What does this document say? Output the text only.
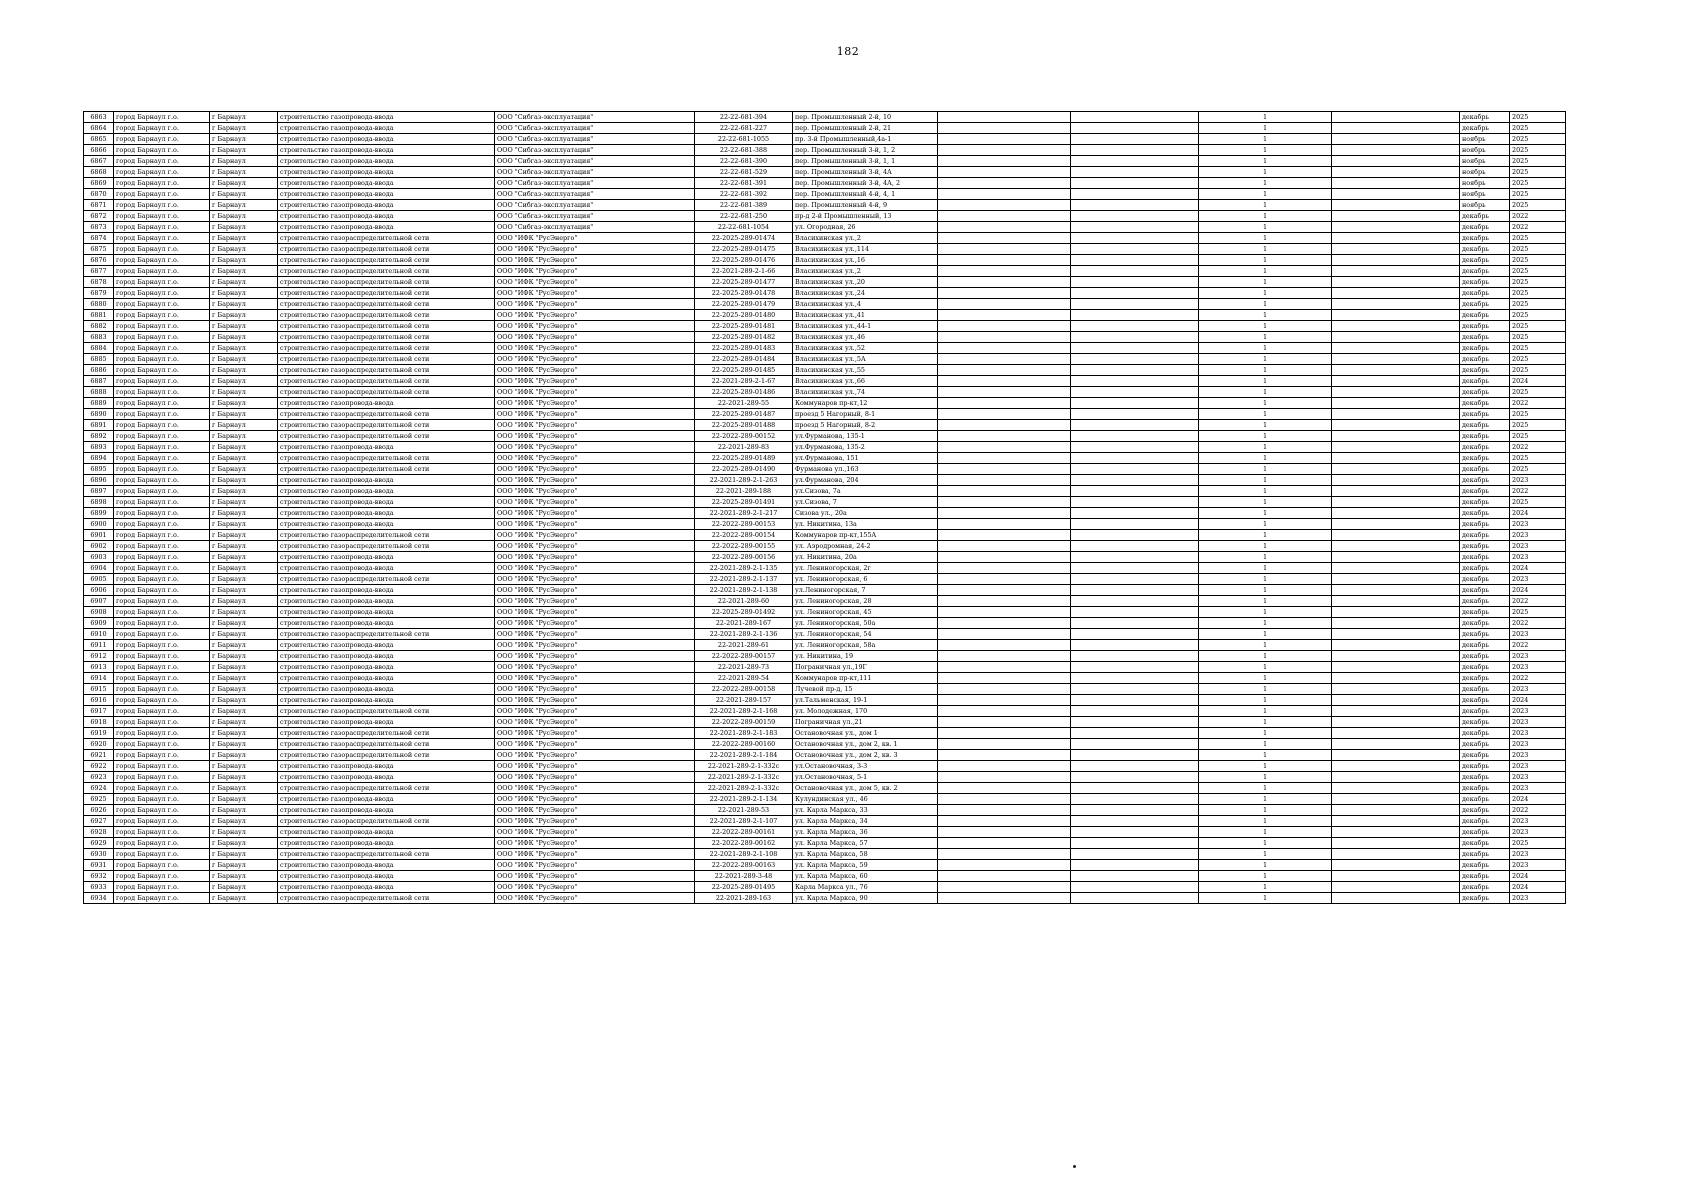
182
6863	город Барнаул г.о.	г Барнаул	строительство газопровода-ввода	ООО "Сибгаз-эксплуатация"	22-22-681-394	пер. Промышленный 2-й, 10			1		декабрь	2025
6864	город Барнаул г.о.	г Барнаул	строительство газопровода-ввода	ООО "Сибгаз-эксплуатация"	22-22-681-227	пер. Промышленный 2-й, 21			1		декабрь	2025
6865	город Барнаул г.о.	г Барнаул	строительство газопровода-ввода	ООО "Сибгаз-эксплуатация"	22-22-681-1055	пр. 3-й Промышленный,4а-1			1		ноябрь	2025
6866	город Барнаул г.о.	г Барнаул	строительство газопровода-ввода	ООО "Сибгаз-эксплуатация"	22-22-681-388	пер. Промышленный 3-й, 1, 2			1		ноябрь	2025
6867	город Барнаул г.о.	г Барнаул	строительство газопровода-ввода	ООО "Сибгаз-эксплуатация"	22-22-681-390	пер. Промышленный 3-й, 1, 1			1		ноябрь	2025
6868	город Барнаул г.о.	г Барнаул	строительство газопровода-ввода	ООО "Сибгаз-эксплуатация"	22-22-681-529	пер. Промышленный 3-й, 4А			1		ноябрь	2025
6869	город Барнаул г.о.	г Барнаул	строительство газопровода-ввода	ООО "Сибгаз-эксплуатация"	22-22-681-391	пер. Промышленный 3-й, 4А, 2			1		ноябрь	2025
6870	город Барнаул г.о.	г Барнаул	строительство газопровода-ввода	ООО "Сибгаз-эксплуатация"	22-22-681-392	пер. Промышленный 4-й, 4, 1			1		ноябрь	2025
6871	город Барнаул г.о.	г Барнаул	строительство газопровода-ввода	ООО "Сибгаз-эксплуатация"	22-22-681-389	пер. Промышленный 4-й, 9			1		ноябрь	2025
6872	город Барнаул г.о.	г Барнаул	строительство газопровода-ввода	ООО "Сибгаз-эксплуатация"	22-22-681-250	пр-д 2-й Промышленный, 13			1		декабрь	2022
6873	город Барнаул г.о.	г Барнаул	строительство газопровода-ввода	ООО "Сибгаз-эксплуатация"	22-22-681-1054	ул. Огородная, 26			1		декабрь	2022
6874	город Барнаул г.о.	г Барнаул	строительство газораспределительной сети	ООО "ИФК "РусЭнерго"	22-2025-289-01474	Власихинская ул.,2			1		декабрь	2025
6875	город Барнаул г.о.	г Барнаул	строительство газораспределительной сети	ООО "ИФК "РусЭнерго"	22-2025-289-01475	Власихинская ул.,114			1		декабрь	2025
6876	город Барнаул г.о.	г Барнаул	строительство газораспределительной сети	ООО "ИФК "РусЭнерго"	22-2025-289-01476	Власихинская ул.,16			1		декабрь	2025
6877	город Барнаул г.о.	г Барнаул	строительство газораспределительной сети	ООО "ИФК "РусЭнерго"	22-2021-289-2-1-66	Власихинская ул.,2			1		декабрь	2025
6878	город Барнаул г.о.	г Барнаул	строительство газораспределительной сети	ООО "ИФК "РусЭнерго"	22-2025-289-01477	Власихинская ул.,20			1		декабрь	2025
6879	город Барнаул г.о.	г Барнаул	строительство газораспределительной сети	ООО "ИФК "РусЭнерго"	22-2025-289-01478	Власихинская ул.,24			1		декабрь	2025
6880	город Барнаул г.о.	г Барнаул	строительство газораспределительной сети	ООО "ИФК "РусЭнерго"	22-2025-289-01479	Власихинская ул.,4			1		декабрь	2025
6881	город Барнаул г.о.	г Барнаул	строительство газораспределительной сети	ООО "ИФК "РусЭнерго"	22-2025-289-01480	Власихинская ул.,41			1		декабрь	2025
6882	город Барнаул г.о.	г Барнаул	строительство газораспределительной сети	ООО "ИФК "РусЭнерго"	22-2025-289-01481	Власихинская ул.,44-1			1		декабрь	2025
6883	город Барнаул г.о.	г Барнаул	строительство газораспределительной сети	ООО "ИФК "РусЭнерго"	22-2025-289-01482	Власихинская ул.,46			1		декабрь	2025
6884	город Барнаул г.о.	г Барнаул	строительство газораспределительной сети	ООО "ИФК "РусЭнерго"	22-2025-289-01483	Власихинская ул.,52			1		декабрь	2025
6885	город Барнаул г.о.	г Барнаул	строительство газораспределительной сети	ООО "ИФК "РусЭнерго"	22-2025-289-01484	Власихинская ул.,5А			1		декабрь	2025
6886	город Барнаул г.о.	г Барнаул	строительство газораспределительной сети	ООО "ИФК "РусЭнерго"	22-2025-289-01485	Власихинская ул.,55			1		декабрь	2025
6887	город Барнаул г.о.	г Барнаул	строительство газораспределительной сети	ООО "ИФК "РусЭнерго"	22-2021-289-2-1-67	Власихинская ул.,66			1		декабрь	2024
6888	город Барнаул г.о.	г Барнаул	строительство газораспределительной сети	ООО "ИФК "РусЭнерго"	22-2025-289-01486	Власихинская ул.,74			1		декабрь	2025
6889	город Барнаул г.о.	г Барнаул	строительство газопровода-ввода	ООО "ИФК "РусЭнерго"	22-2021-289-55	Коммунаров пр-кт,12			1		декабрь	2022
6890	город Барнаул г.о.	г Барнаул	строительство газораспределительной сети	ООО "ИФК "РусЭнерго"	22-2025-289-01487	проезд 5 Нагорный, 8-1			1		декабрь	2025
6891	город Барнаул г.о.	г Барнаул	строительство газораспределительной сети	ООО "ИФК "РусЭнерго"	22-2025-289-01488	проезд 5 Нагорный, 8-2			1		декабрь	2025
6892	город Барнаул г.о.	г Барнаул	строительство газораспределительной сети	ООО "ИФК "РусЭнерго"	22-2022-289-00152	ул.Фурманова, 135-1			1		декабрь	2025
6893	город Барнаул г.о.	г Барнаул	строительство газопровода-ввода	ООО "ИФК "РусЭнерго"	22-2021-289-83	ул.Фурманова, 135-2			1		декабрь	2022
6894	город Барнаул г.о.	г Барнаул	строительство газораспределительной сети	ООО "ИФК "РусЭнерго"	22-2025-289-01489	ул.Фурманова, 151			1		декабрь	2025
6895	город Барнаул г.о.	г Барнаул	строительство газораспределительной сети	ООО "ИФК "РусЭнерго"	22-2025-289-01490	Фурманова ул.,163			1		декабрь	2025
6896	город Барнаул г.о.	г Барнаул	строительство газопровода-ввода	ООО "ИФК "РусЭнерго"	22-2021-289-2-1-263	ул.Фурманова, 204			1		декабрь	2023
6897	город Барнаул г.о.	г Барнаул	строительство газопровода-ввода	ООО "ИФК "РусЭнерго"	22-2021-289-188	ул.Сизова, 7а			1		декабрь	2022
6898	город Барнаул г.о.	г Барнаул	строительство газопровода-ввода	ООО "ИФК "РусЭнерго"	22-2025-289-01491	ул.Сизова, 7			1		декабрь	2025
6899	город Барнаул г.о.	г Барнаул	строительство газопровода-ввода	ООО "ИФК "РусЭнерго"	22-2021-289-2-1-217	Сизова ул., 20а			1		декабрь	2024
6900	город Барнаул г.о.	г Барнаул	строительство газопровода-ввода	ООО "ИФК "РусЭнерго"	22-2022-289-00153	ул. Никитина, 13а			1		декабрь	2023
6901	город Барнаул г.о.	г Барнаул	строительство газораспределительной сети	ООО "ИФК "РусЭнерго"	22-2022-289-00154	Коммунаров пр-кт,155А			1		декабрь	2023
6902	город Барнаул г.о.	г Барнаул	строительство газораспределительной сети	ООО "ИФК "РусЭнерго"	22-2022-289-00155	ул. Аэродромная, 24-2			1		декабрь	2023
6903	город Барнаул г.о.	г Барнаул	строительство газопровода-ввода	ООО "ИФК "РусЭнерго"	22-2022-289-00156	ул. Никитина, 20а			1		декабрь	2023
6904	город Барнаул г.о.	г Барнаул	строительство газопровода-ввода	ООО "ИФК "РусЭнерго"	22-2021-289-2-1-135	ул. Лениногорская, 2г			1		декабрь	2024
6905	город Барнаул г.о.	г Барнаул	строительство газораспределительной сети	ООО "ИФК "РусЭнерго"	22-2021-289-2-1-137	ул. Лениногорская, 6			1		декабрь	2023
6906	город Барнаул г.о.	г Барнаул	строительство газопровода-ввода	ООО "ИФК "РусЭнерго"	22-2021-289-2-1-138	ул.Лениногорская, 7			1		декабрь	2024
6907	город Барнаул г.о.	г Барнаул	строительство газопровода-ввода	ООО "ИФК "РусЭнерго"	22-2021-289-60	ул. Лениногорская, 28			1		декабрь	2022
6908	город Барнаул г.о.	г Барнаул	строительство газопровода-ввода	ООО "ИФК "РусЭнерго"	22-2025-289-01492	ул. Лениногорская, 45			1		декабрь	2025
6909	город Барнаул г.о.	г Барнаул	строительство газопровода-ввода	ООО "ИФК "РусЭнерго"	22-2021-289-167	ул. Лениногорская, 50а			1		декабрь	2022
6910	город Барнаул г.о.	г Барнаул	строительство газораспределительной сети	ООО "ИФК "РусЭнерго"	22-2021-289-2-1-136	ул. Лениногорская, 54			1		декабрь	2023
6911	город Барнаул г.о.	г Барнаул	строительство газопровода-ввода	ООО "ИФК "РусЭнерго"	22-2021-289-61	ул. Лениногорская, 58а			1		декабрь	2022
6912	город Барнаул г.о.	г Барнаул	строительство газопровода-ввода	ООО "ИФК "РусЭнерго"	22-2022-289-00157	ул. Никитина, 19			1		декабрь	2023
6913	город Барнаул г.о.	г Барнаул	строительство газопровода-ввода	ООО "ИФК "РусЭнерго"	22-2021-289-73	Пограничная ул.,19Г			1		декабрь	2023
6914	город Барнаул г.о.	г Барнаул	строительство газопровода-ввода	ООО "ИФК "РусЭнерго"	22-2021-289-54	Коммунаров пр-кт,111			1		декабрь	2022
6915	город Барнаул г.о.	г Барнаул	строительство газопровода-ввода	ООО "ИФК "РусЭнерго"	22-2022-289-00158	Лучевой пр-д, 15			1		декабрь	2023
6916	город Барнаул г.о.	г Барнаул	строительство газопровода-ввода	ООО "ИФК "РусЭнерго"	22-2021-289-157	ул.Тальменская, 19-1			1		декабрь	2024
6917	город Барнаул г.о.	г Барнаул	строительство газораспределительной сети	ООО "ИФК "РусЭнерго"	22-2021-289-2-1-168	ул. Молодежная, 170			1		декабрь	2023
6918	город Барнаул г.о.	г Барнаул	строительство газопровода-ввода	ООО "ИФК "РусЭнерго"	22-2022-289-00159	Пограничная ул.,21			1		декабрь	2023
6919	город Барнаул г.о.	г Барнаул	строительство газораспределительной сети	ООО "ИФК "РусЭнерго"	22-2021-289-2-1-183	Остановочная ул., дом 1			1		декабрь	2023
6920	город Барнаул г.о.	г Барнаул	строительство газораспределительной сети	ООО "ИФК "РусЭнерго"	22-2022-289-00160	Остановочная ул., дом 2, кв. 1			1		декабрь	2023
6921	город Барнаул г.о.	г Барнаул	строительство газораспределительной сети	ООО "ИФК "РусЭнерго"	22-2021-289-2-1-184	Остановочная ул., дом 2, кв. 3			1		декабрь	2023
6922	город Барнаул г.о.	г Барнаул	строительство газопровода-ввода	ООО "ИФК "РусЭнерго"	22-2021-289-2-1-332с	ул.Остановочная, 3-3			1		декабрь	2023
6923	город Барнаул г.о.	г Барнаул	строительство газопровода-ввода	ООО "ИФК "РусЭнерго"	22-2021-289-2-1-332с	ул.Остановочная, 5-1			1		декабрь	2023
6924	город Барнаул г.о.	г Барнаул	строительство газораспределительной сети	ООО "ИФК "РусЭнерго"	22-2021-289-2-1-332с	Остановочная ул., дом 5, кв. 2			1		декабрь	2023
6925	город Барнаул г.о.	г Барнаул	строительство газопровода-ввода	ООО "ИФК "РусЭнерго"	22-2021-289-2-1-134	Кулундинская ул., 46			1		декабрь	2024
6926	город Барнаул г.о.	г Барнаул	строительство газопровода-ввода	ООО "ИФК "РусЭнерго"	22-2021-289-53	ул. Карла Маркса, 33			1		декабрь	2022
6927	город Барнаул г.о.	г Барнаул	строительство газораспределительной сети	ООО "ИФК "РусЭнерго"	22-2021-289-2-1-107	ул. Карла Маркса, 34			1		декабрь	2023
6928	город Барнаул г.о.	г Барнаул	строительство газопровода-ввода	ООО "ИФК "РусЭнерго"	22-2022-289-00161	ул. Карла Маркса, 36			1		декабрь	2023
6929	город Барнаул г.о.	г Барнаул	строительство газопровода-ввода	ООО "ИФК "РусЭнерго"	22-2022-289-00162	ул. Карла Маркса, 57			1		декабрь	2025
6930	город Барнаул г.о.	г Барнаул	строительство газораспределительной сети	ООО "ИФК "РусЭнерго"	22-2021-289-2-1-108	ул. Карла Маркса, 58			1		декабрь	2023
6931	город Барнаул г.о.	г Барнаул	строительство газопровода-ввода	ООО "ИФК "РусЭнерго"	22-2022-289-00163	ул. Карла Маркса, 59			1		декабрь	2023
6932	город Барнаул г.о.	г Барнаул	строительство газопровода-ввода	ООО "ИФК "РусЭнерго"	22-2021-289-3-48	ул. Карла Маркса, 60			1		декабрь	2024
6933	город Барнаул г.о.	г Барнаул	строительство газопровода-ввода	ООО "ИФК "РусЭнерго"	22-2025-289-01495	Карла Маркса ул., 76			1		декабрь	2024
6934	город Барнаул г.о.	г Барнаул	строительство газораспределительной сети	ООО "ИФК "РусЭнерго"	22-2021-289-163	ул. Карла Маркса, 90			1		декабрь	2023
